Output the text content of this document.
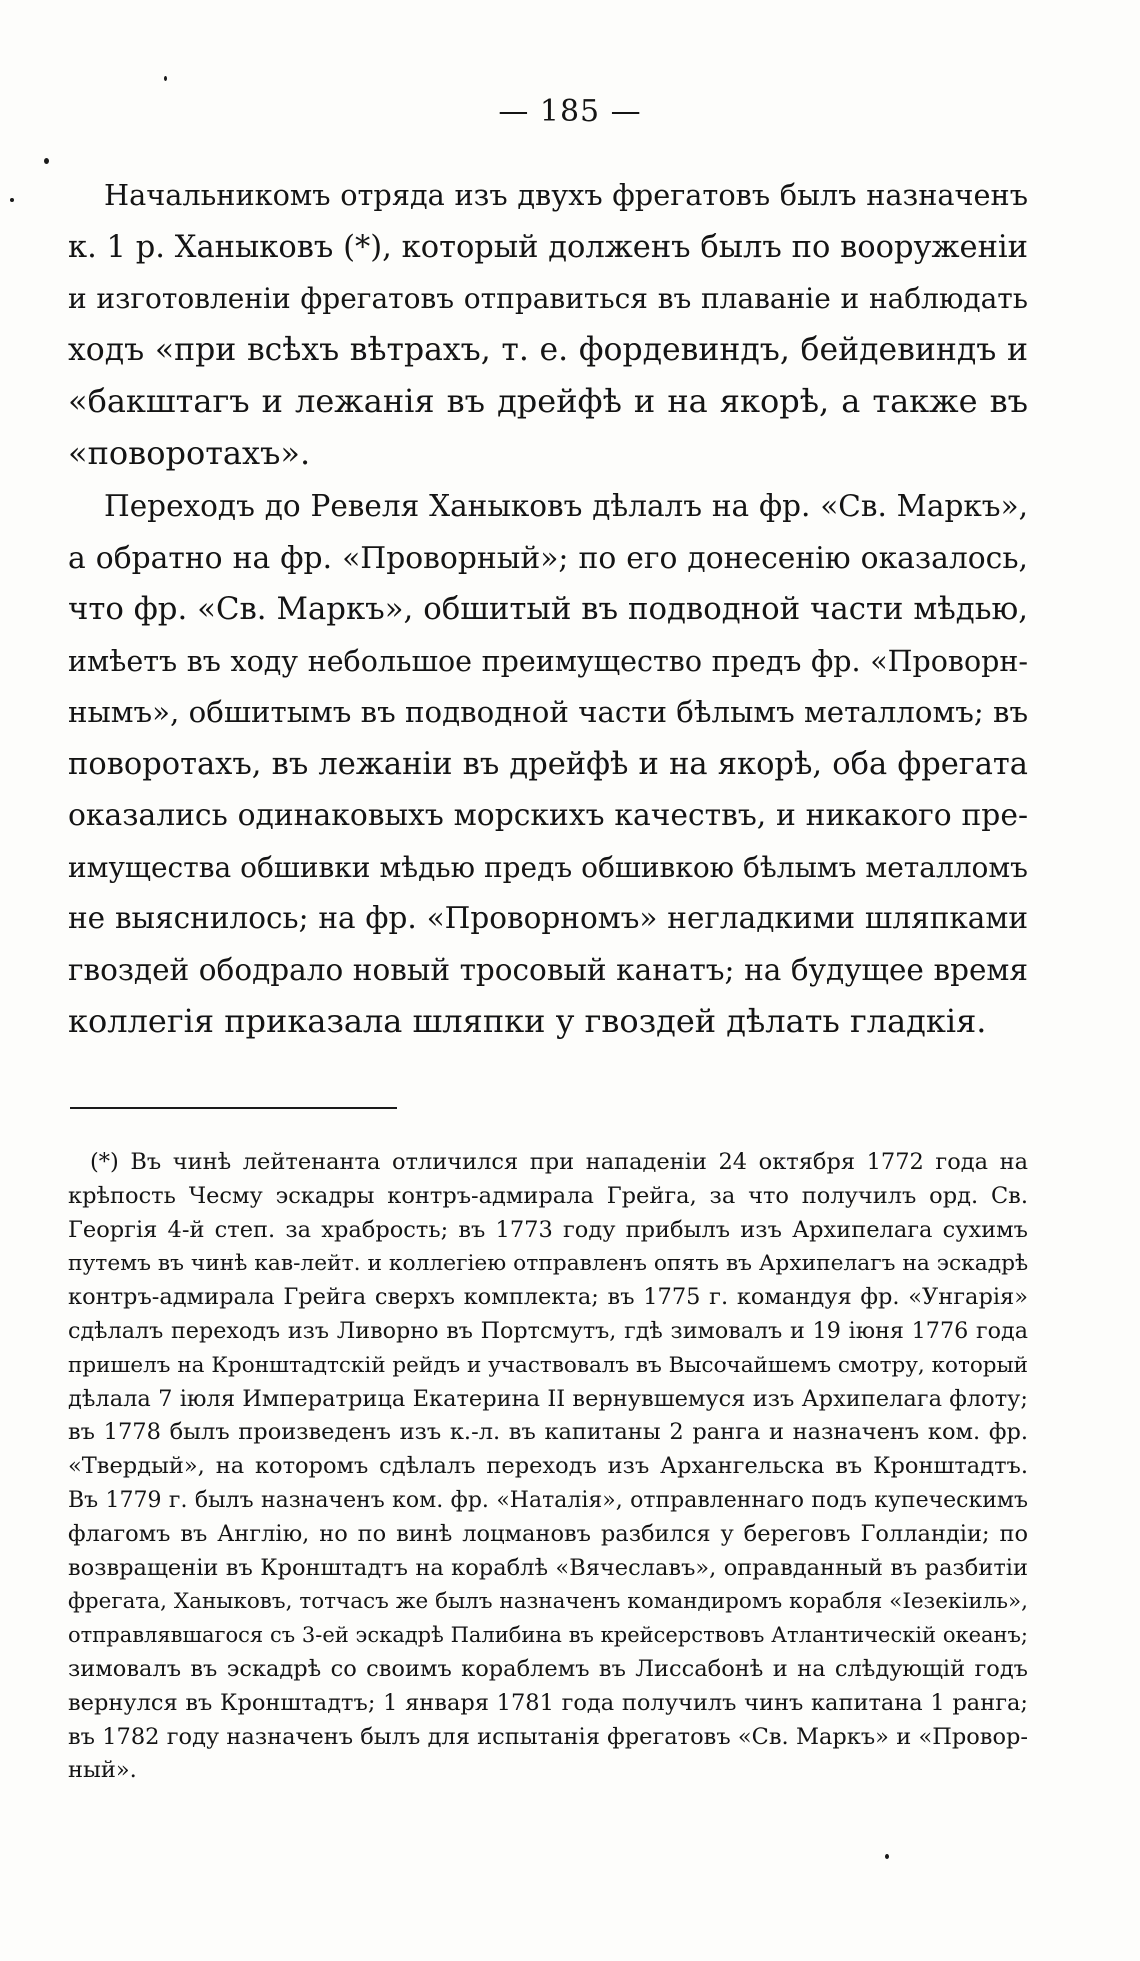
— 185 —
Начальникомъ отряда изъ двухъ фрегатовъ былъ назначенъ
к. 1 р. Ханыковъ (*), который долженъ былъ по вооруженіи
и изготовленіи фрегатовъ отправиться въ плаваніе и наблюдать
ходъ «при всѣхъ вѣтрахъ, т. е. фордевиндъ, бейдевиндъ и
«бакштагъ и лежанія въ дрейфѣ и на якорѣ, а также въ
«поворотахъ».
Переходъ до Ревеля Ханыковъ дѣлалъ на фр. «Св. Маркъ»,
а обратно на фр. «Проворный»; по его донесенію оказалось,
что фр. «Св. Маркъ», обшитый въ подводной части мѣдью,
имѣетъ въ ходу небольшое преимущество предъ фр. «Проворн-
нымъ», обшитымъ въ подводной части бѣлымъ металломъ; въ
поворотахъ, въ лежаніи въ дрейфѣ и на якорѣ, оба фрегата
оказались одинаковыхъ морскихъ качествъ, и никакого пре-
имущества обшивки мѣдью предъ обшивкою бѣлымъ металломъ
не выяснилось; на фр. «Проворномъ» негладкими шляпками
гвоздей ободрало новый тросовый канатъ; на будущее время
коллегія приказала шляпки у гвоздей дѣлать гладкія.
(*) Въ чинѣ лейтенанта отличился при нападеніи 24 октября 1772 года на
крѣпость Чесму эскадры контръ-адмирала Грейга, за что получилъ орд. Св.
Георгія 4-й степ. за храбрость; въ 1773 году прибылъ изъ Архипелага сухимъ
путемъ въ чинѣ кав-лейт. и коллегіею отправленъ опять въ Архипелагъ на эскадрѣ
контръ-адмирала Грейга сверхъ комплекта; въ 1775 г. командуя фр. «Унгарія»
сдѣлалъ переходъ изъ Ливорно въ Портсмутъ, гдѣ зимовалъ и 19 іюня 1776 года
пришелъ на Кронштадтскій рейдъ и участвовалъ въ Высочайшемъ смотру, который
дѣлала 7 іюля Императрица Екатерина II вернувшемуся изъ Архипелага флоту;
въ 1778 былъ произведенъ изъ к.-л. въ капитаны 2 ранга и назначенъ ком. фр.
«Твердый», на которомъ сдѣлалъ переходъ изъ Архангельска въ Кронштадтъ.
Въ 1779 г. былъ назначенъ ком. фр. «Наталія», отправленнаго подъ купеческимъ
флагомъ въ Англію, но по винѣ лоцмановъ разбился у береговъ Голландіи; по
возвращеніи въ Кронштадтъ на кораблѣ «Вячеславъ», оправданный въ разбитіи
фрегата, Ханыковъ, тотчасъ же былъ назначенъ командиромъ корабля «Іезекіиль»,
отправлявшагося съ 3-ей эскадрѣ Палибина въ крейсерствовъ Атлантическій океанъ;
зимовалъ въ эскадрѣ со своимъ кораблемъ въ Лиссабонѣ и на слѣдующій годъ
вернулся въ Кронштадтъ; 1 января 1781 года получилъ чинъ капитана 1 ранга;
въ 1782 году назначенъ былъ для испытанія фрегатовъ «Св. Маркъ» и «Провор-
ный».
